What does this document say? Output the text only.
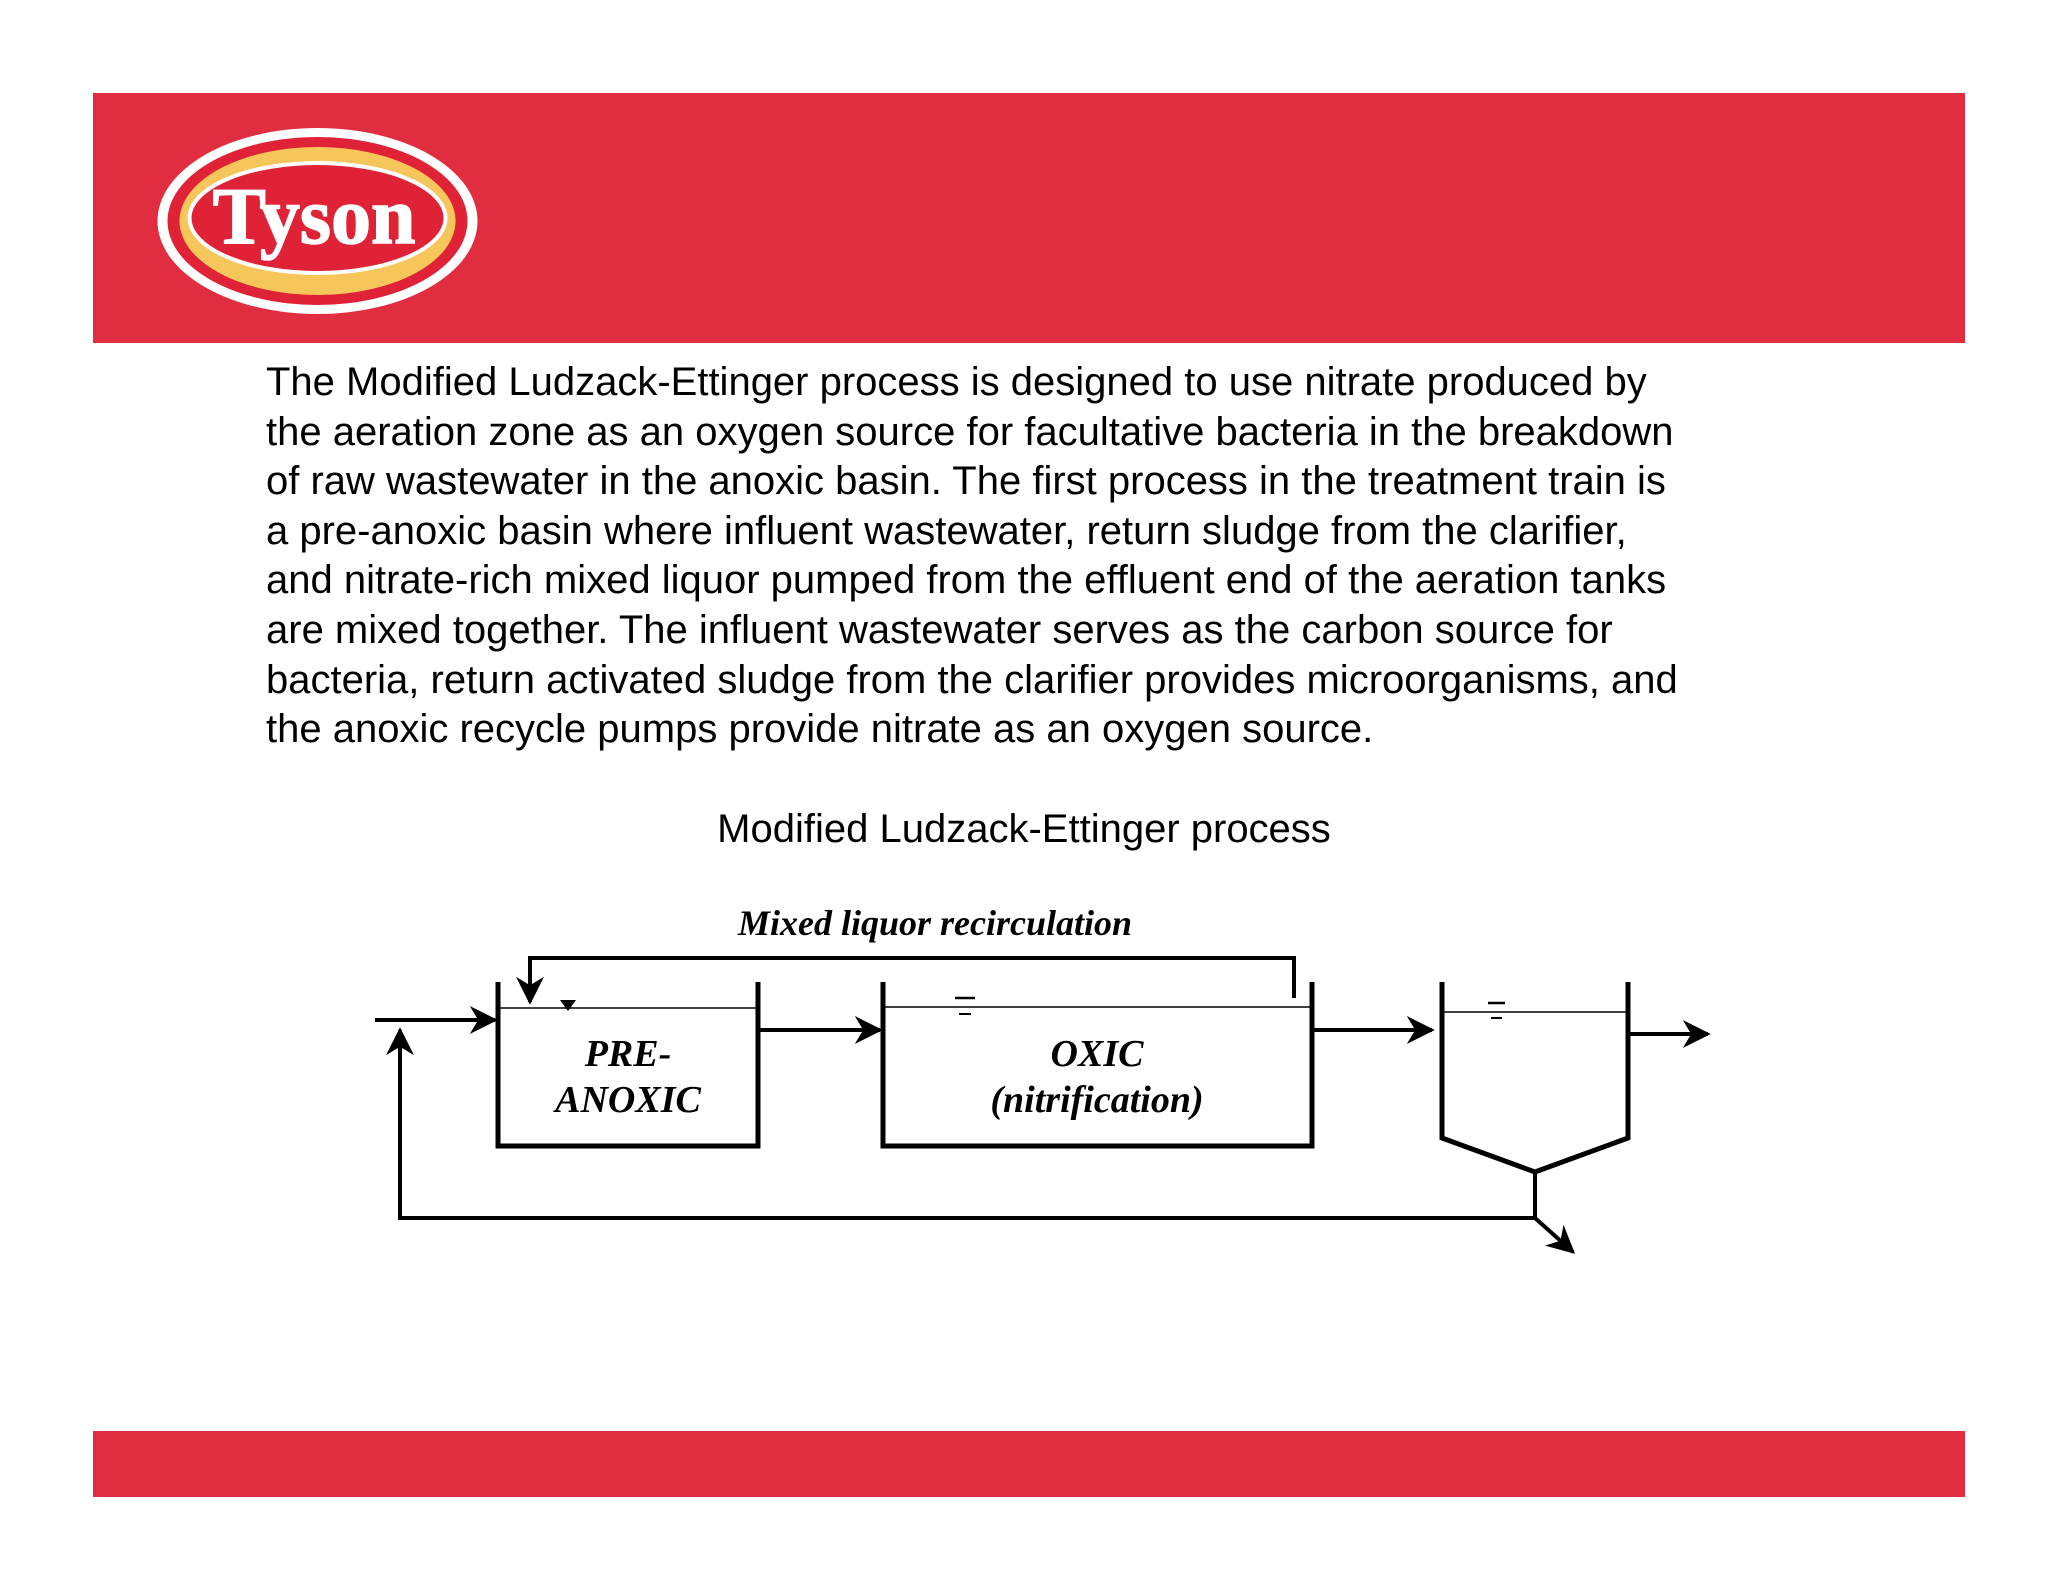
Tyson

The Modified Ludzack-Ettinger process is designed to use nitrate produced by
the aeration zone as an oxygen source for facultative bacteria in the breakdown
of raw wastewater in the anoxic basin. The first process in the treatment train is
a pre-anoxic basin where influent wastewater, return sludge from the clarifier,
and nitrate-rich mixed liquor pumped from the effluent end of the aeration tanks
are mixed together. The influent wastewater serves as the carbon source for
bacteria, return activated sludge from the clarifier provides microorganisms, and
the anoxic recycle pumps provide nitrate as an oxygen source.

Modified Ludzack-Ettinger process

Mixed liquor recirculation
PRE-
ANOXIC
OXIC
(nitrification)
